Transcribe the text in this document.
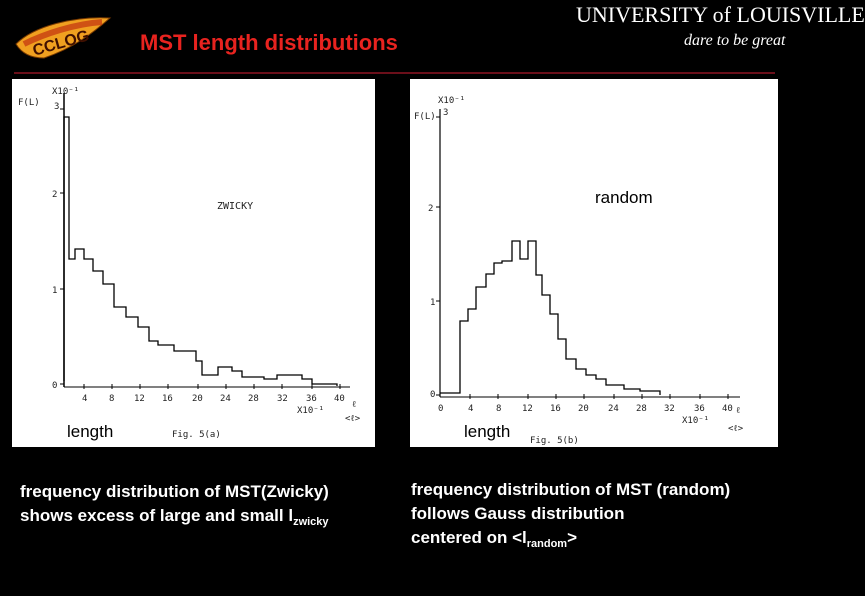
CCLOG MST length distributions
UNIVERSITY of LOUISVILLE
dare to be great
X10⁻¹
F(L) 3
2
1
0
4 8 12 16 20 24 28 32 36 40
X10⁻¹
ℓ
<ℓ>
ZWICKY
Fig. 5(a)
X10⁻¹
F(L) 3
2
1
0
0	4	8 12 16 20 24 28 32 36 40
X10⁻¹
ℓ
<ℓ>
Fig. 5(b)
length	length
random
frequency distribution of MST(Zwicky)
shows excess of large and small $l_{zwicky}$
frequency distribution of MST (random)
follows Gauss distribution
centered on $<l_{random}>$
